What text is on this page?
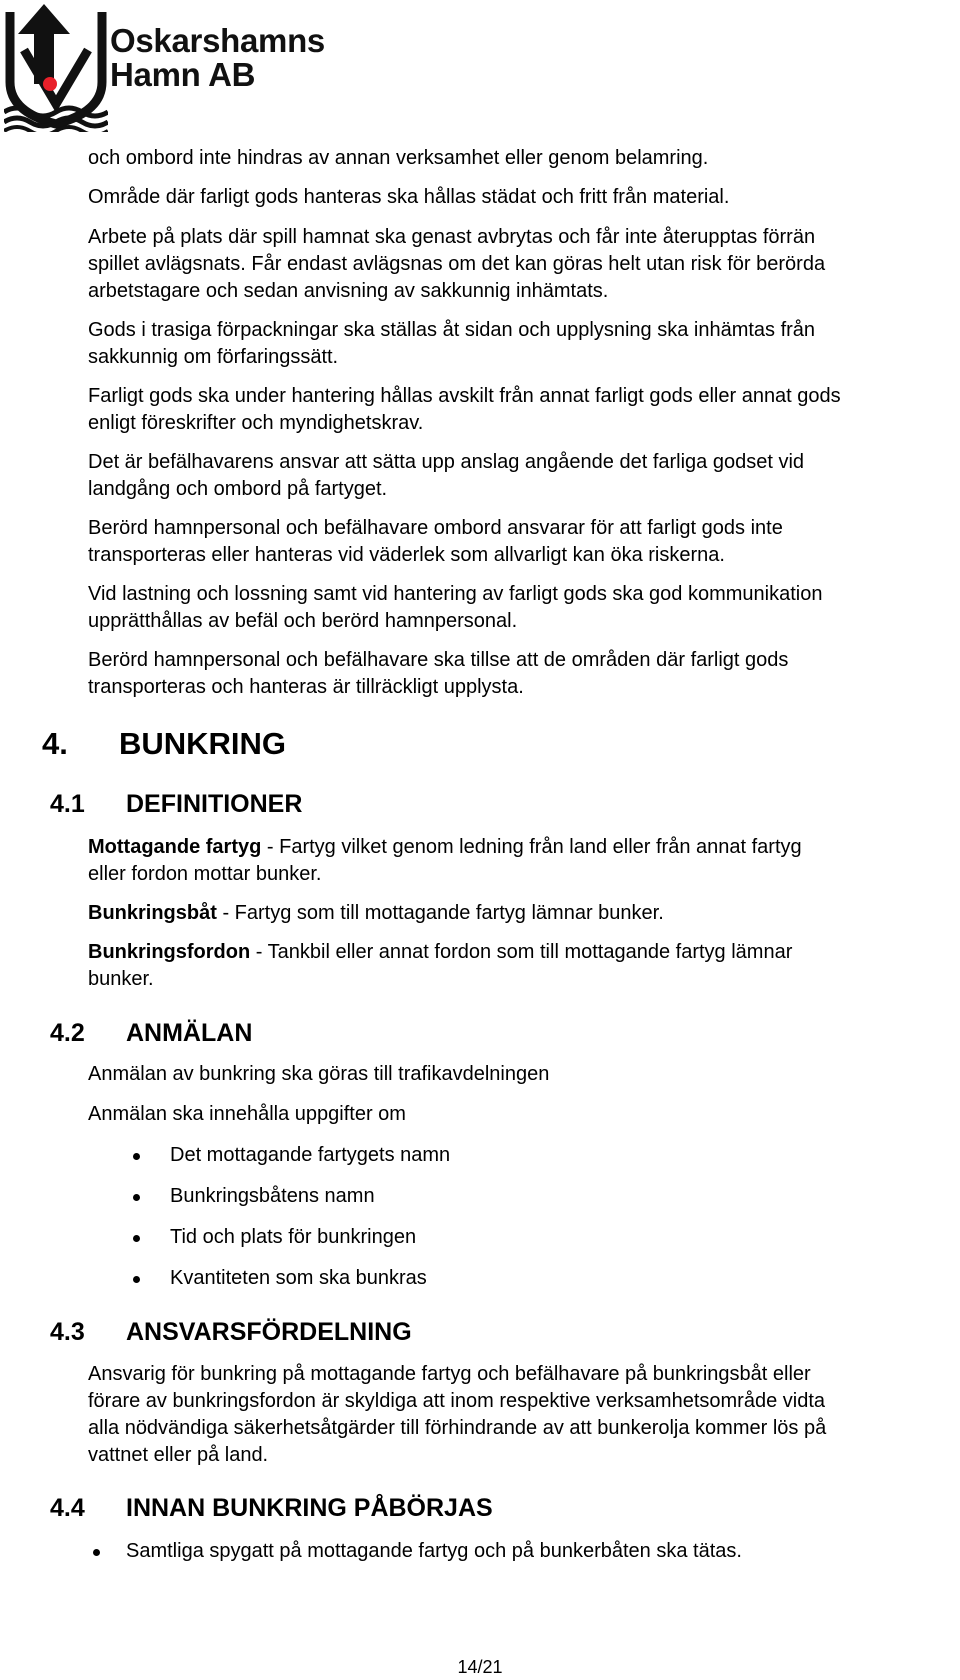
Oskarshamns
Hamn AB

och ombord inte hindras av annan verksamhet eller genom belamring.

Område där farligt gods hanteras ska hållas städat och fritt från material.

Arbete på plats där spill hamnat ska genast avbrytas och får inte återupptas förrän
spillet avlägsnats. Får endast avlägsnas om det kan göras helt utan risk för berörda
arbetstagare och sedan anvisning av sakkunnig inhämtats.

Gods i trasiga förpackningar ska ställas åt sidan och upplysning ska inhämtas från
sakkunnig om förfaringssätt.

Farligt gods ska under hantering hållas avskilt från annat farligt gods eller annat gods
enligt föreskrifter och myndighetskrav.

Det är befälhavarens ansvar att sätta upp anslag angående det farliga godset vid
landgång och ombord på fartyget.

Berörd hamnpersonal och befälhavare ombord ansvarar för att farligt gods inte
transporteras eller hanteras vid väderlek som allvarligt kan öka riskerna.

Vid lastning och lossning samt vid hantering av farligt gods ska god kommunikation
upprätthållas av befäl och berörd hamnpersonal.

Berörd hamnpersonal och befälhavare ska tillse att de områden där farligt gods
transporteras och hanteras är tillräckligt upplysta.

4. BUNKRING
4.1 DEFINITIONER

Mottagande fartyg - Fartyg vilket genom ledning från land eller från annat fartyg
eller fordon mottar bunker.

Bunkringsbåt - Fartyg som till mottagande fartyg lämnar bunker.

Bunkringsfordon - Tankbil eller annat fordon som till mottagande fartyg lämnar
bunker.

4.2 ANMÄLAN

Anmälan av bunkring ska göras till trafikavdelningen

Anmälan ska innehålla uppgifter om

Det mottagande fartygets namn
Bunkringsbåtens namn
Tid och plats för bunkringen
Kvantiteten som ska bunkras
4.3 ANSVARSFÖRDELNING

Ansvarig för bunkring på mottagande fartyg och befälhavare på bunkringsbåt eller
förare av bunkringsfordon är skyldiga att inom respektive verksamhetsområde vidta
alla nödvändiga säkerhetsåtgärder till förhindrande av att bunkerolja kommer lös på
vattnet eller på land.

4.4 INNAN BUNKRING PÅBÖRJAS
Samtliga spygatt på mottagande fartyg och på bunkerbåten ska tätas.
14/21
